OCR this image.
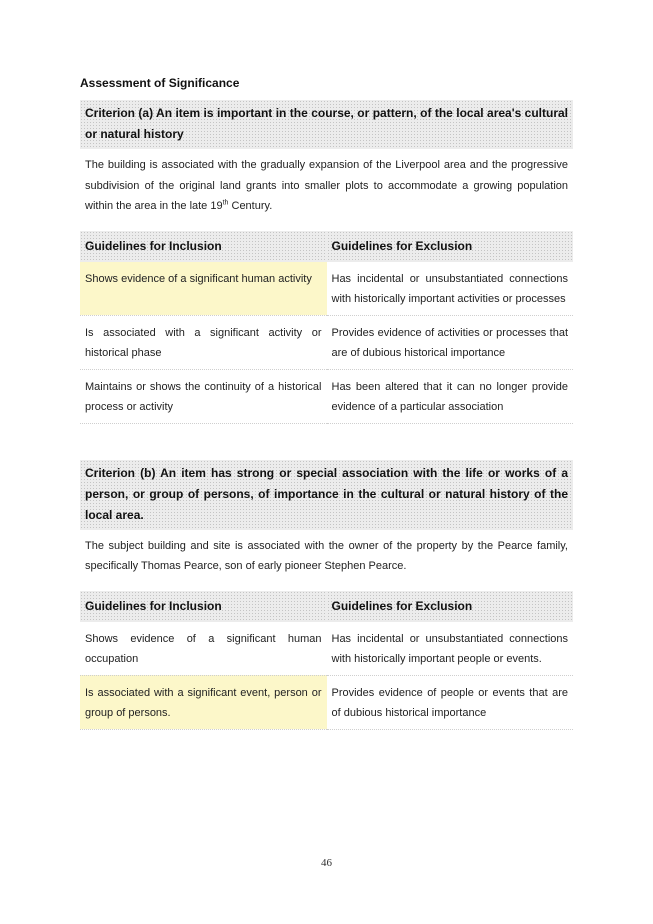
Assessment of Significance
Criterion (a) An item is important in the course, or pattern, of the local area's cultural or natural history
The building is associated with the gradually expansion of the Liverpool area and the progressive subdivision of the original land grants into smaller plots to accommodate a growing population within the area in the late 19th Century.
Guidelines for Inclusion	Guidelines for Exclusion
Shows evidence of a significant human activity	Has incidental or unsubstantiated connections with historically important activities or processes
Is associated with a significant activity or historical phase	Provides evidence of activities or processes that are of dubious historical importance
Maintains or shows the continuity of a historical process or activity	Has been altered that it can no longer provide evidence of a particular association
Criterion (b) An item has strong or special association with the life or works of a person, or group of persons, of importance in the cultural or natural history of the local area.
The subject building and site is associated with the owner of the property by the Pearce family, specifically Thomas Pearce, son of early pioneer Stephen Pearce.
Guidelines for Inclusion	Guidelines for Exclusion
Shows evidence of a significant human occupation	Has incidental or unsubstantiated connections with historically important people or events.
Is associated with a significant event, person or group of persons.	Provides evidence of people or events that are of dubious historical importance
46
